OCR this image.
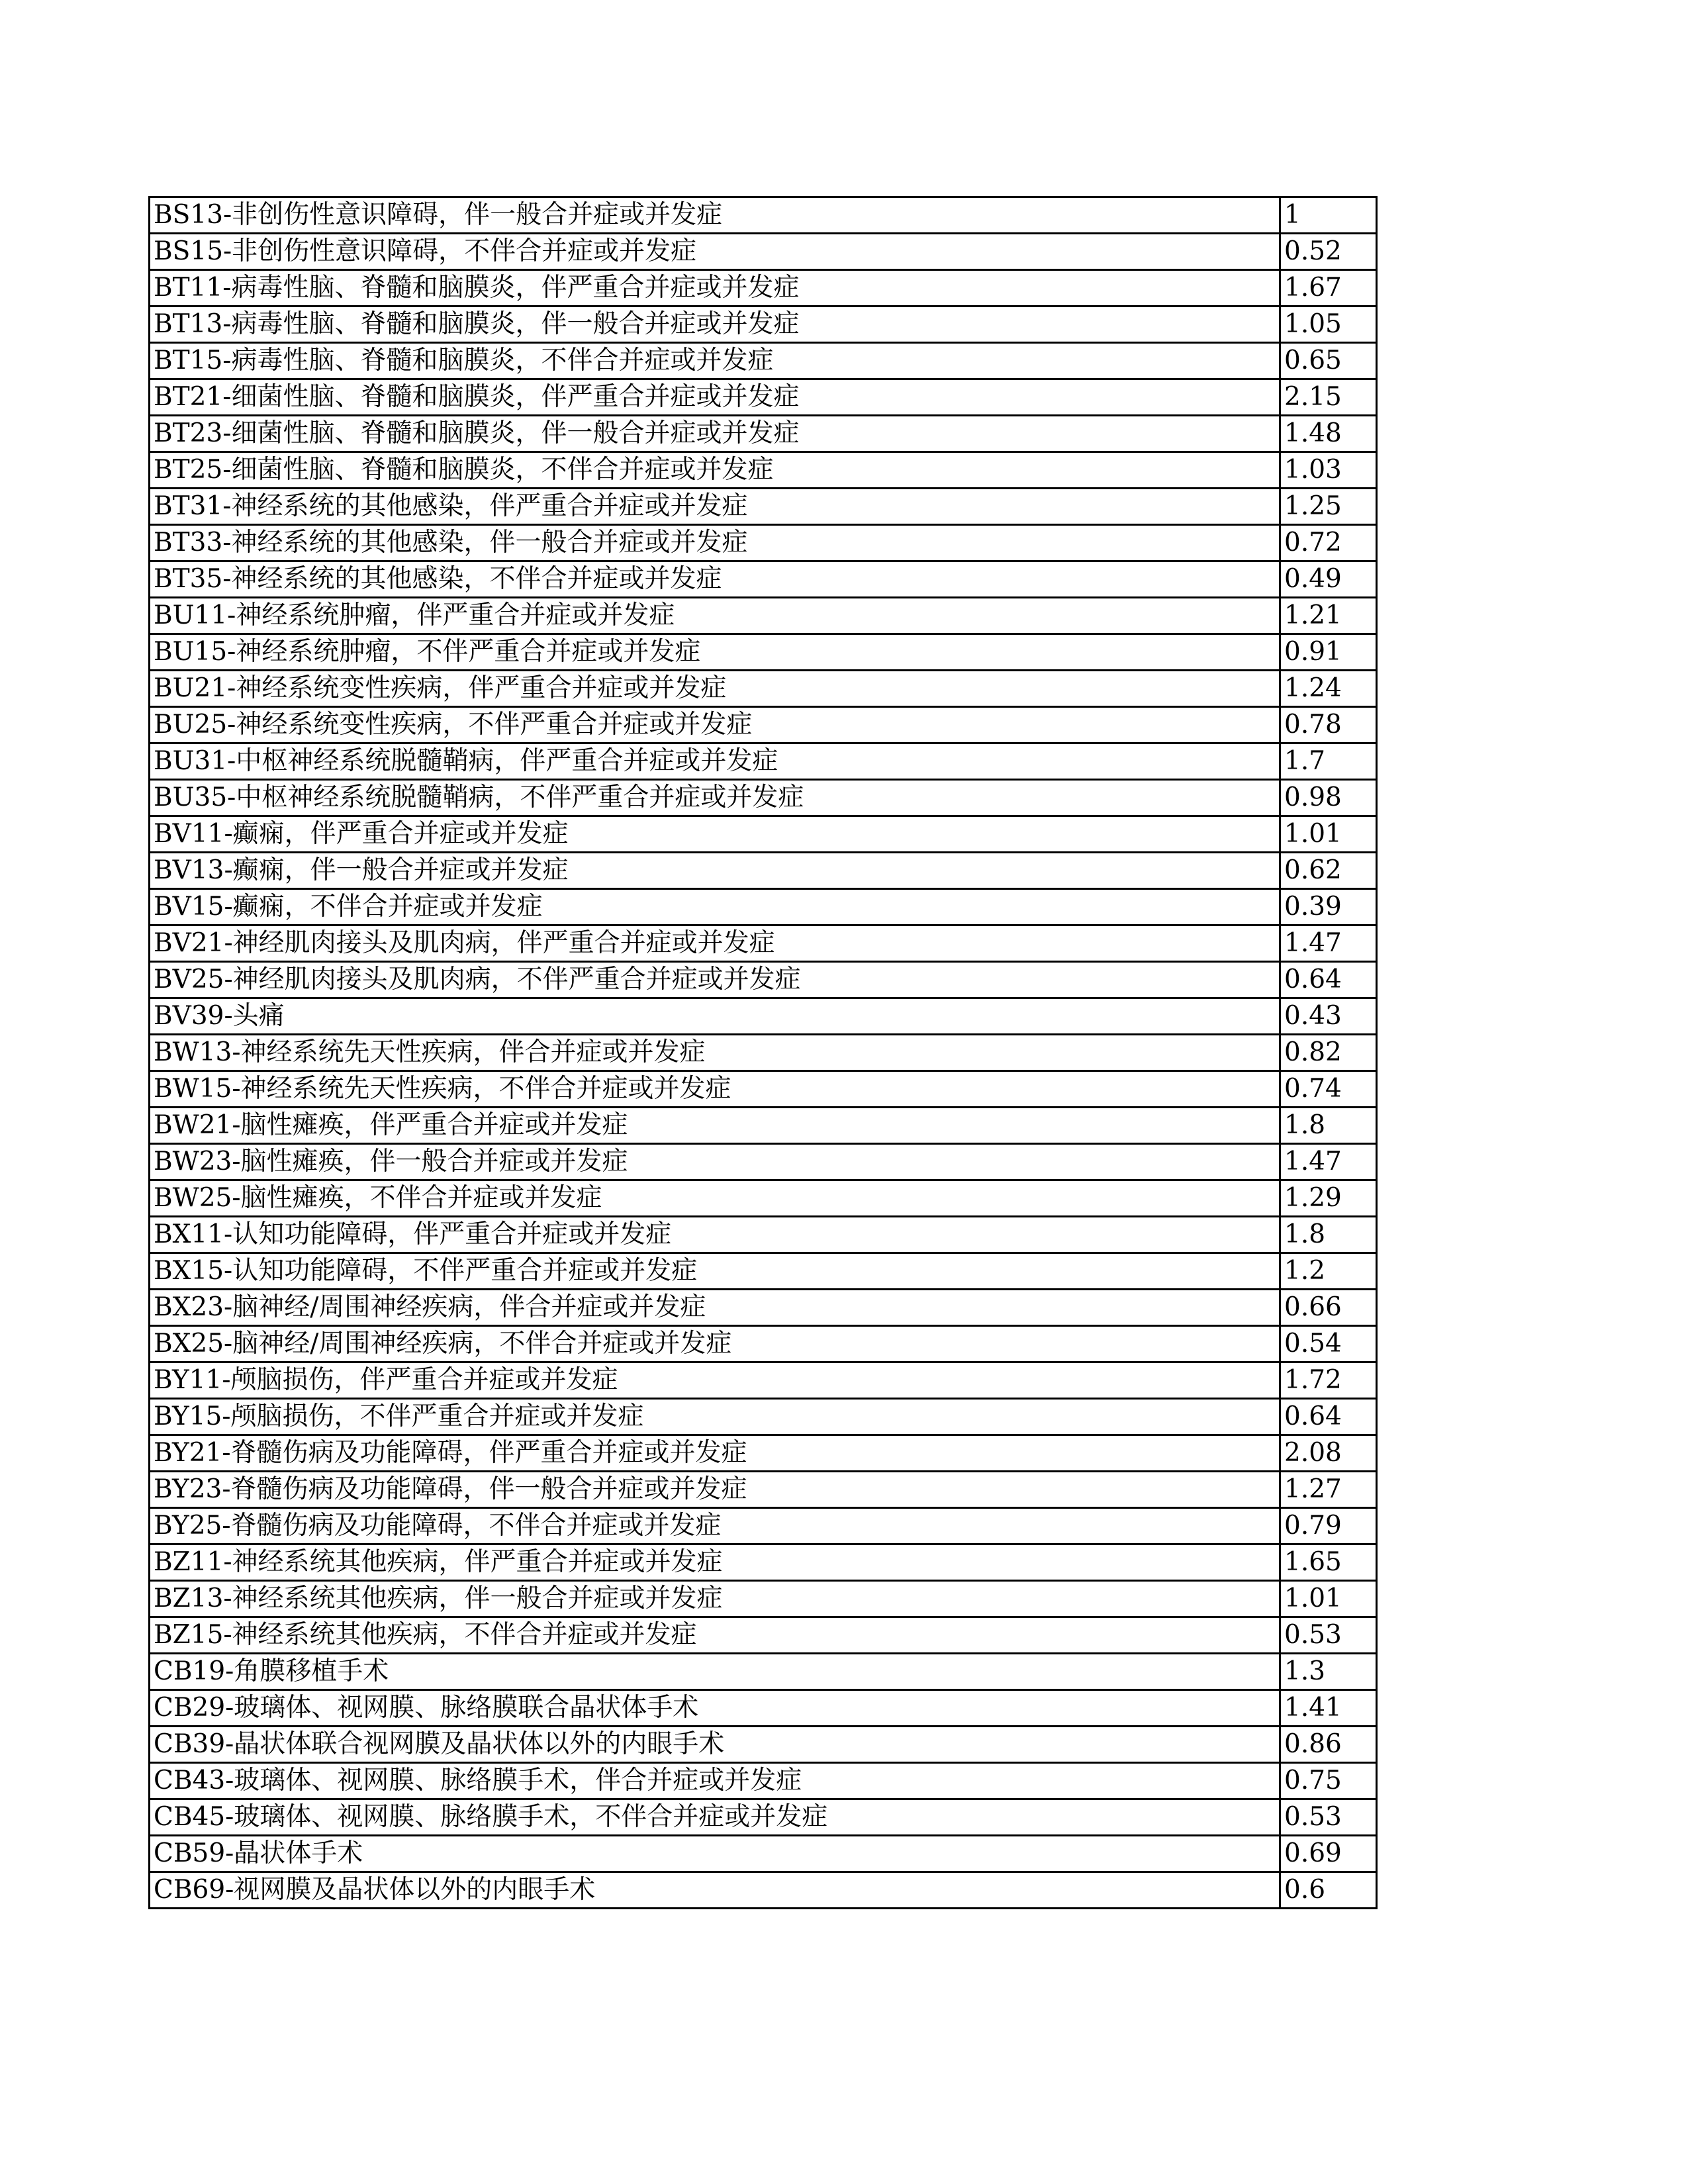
BS13-非创伤性意识障碍，伴一般合并症或并发症	1
BS15-非创伤性意识障碍，不伴合并症或并发症	0.52
BT11-病毒性脑、脊髓和脑膜炎，伴严重合并症或并发症	1.67
BT13-病毒性脑、脊髓和脑膜炎，伴一般合并症或并发症	1.05
BT15-病毒性脑、脊髓和脑膜炎，不伴合并症或并发症	0.65
BT21-细菌性脑、脊髓和脑膜炎，伴严重合并症或并发症	2.15
BT23-细菌性脑、脊髓和脑膜炎，伴一般合并症或并发症	1.48
BT25-细菌性脑、脊髓和脑膜炎，不伴合并症或并发症	1.03
BT31-神经系统的其他感染，伴严重合并症或并发症	1.25
BT33-神经系统的其他感染，伴一般合并症或并发症	0.72
BT35-神经系统的其他感染，不伴合并症或并发症	0.49
BU11-神经系统肿瘤，伴严重合并症或并发症	1.21
BU15-神经系统肿瘤，不伴严重合并症或并发症	0.91
BU21-神经系统变性疾病，伴严重合并症或并发症	1.24
BU25-神经系统变性疾病，不伴严重合并症或并发症	0.78
BU31-中枢神经系统脱髓鞘病，伴严重合并症或并发症	1.7
BU35-中枢神经系统脱髓鞘病，不伴严重合并症或并发症	0.98
BV11-癫痫，伴严重合并症或并发症	1.01
BV13-癫痫，伴一般合并症或并发症	0.62
BV15-癫痫，不伴合并症或并发症	0.39
BV21-神经肌肉接头及肌肉病，伴严重合并症或并发症	1.47
BV25-神经肌肉接头及肌肉病，不伴严重合并症或并发症	0.64
BV39-头痛	0.43
BW13-神经系统先天性疾病，伴合并症或并发症	0.82
BW15-神经系统先天性疾病，不伴合并症或并发症	0.74
BW21-脑性瘫痪，伴严重合并症或并发症	1.8
BW23-脑性瘫痪，伴一般合并症或并发症	1.47
BW25-脑性瘫痪，不伴合并症或并发症	1.29
BX11-认知功能障碍，伴严重合并症或并发症	1.8
BX15-认知功能障碍，不伴严重合并症或并发症	1.2
BX23-脑神经/周围神经疾病，伴合并症或并发症	0.66
BX25-脑神经/周围神经疾病，不伴合并症或并发症	0.54
BY11-颅脑损伤，伴严重合并症或并发症	1.72
BY15-颅脑损伤，不伴严重合并症或并发症	0.64
BY21-脊髓伤病及功能障碍，伴严重合并症或并发症	2.08
BY23-脊髓伤病及功能障碍，伴一般合并症或并发症	1.27
BY25-脊髓伤病及功能障碍，不伴合并症或并发症	0.79
BZ11-神经系统其他疾病，伴严重合并症或并发症	1.65
BZ13-神经系统其他疾病，伴一般合并症或并发症	1.01
BZ15-神经系统其他疾病，不伴合并症或并发症	0.53
CB19-角膜移植手术	1.3
CB29-玻璃体、视网膜、脉络膜联合晶状体手术	1.41
CB39-晶状体联合视网膜及晶状体以外的内眼手术	0.86
CB43-玻璃体、视网膜、脉络膜手术，伴合并症或并发症	0.75
CB45-玻璃体、视网膜、脉络膜手术，不伴合并症或并发症	0.53
CB59-晶状体手术	0.69
CB69-视网膜及晶状体以外的内眼手术	0.6
